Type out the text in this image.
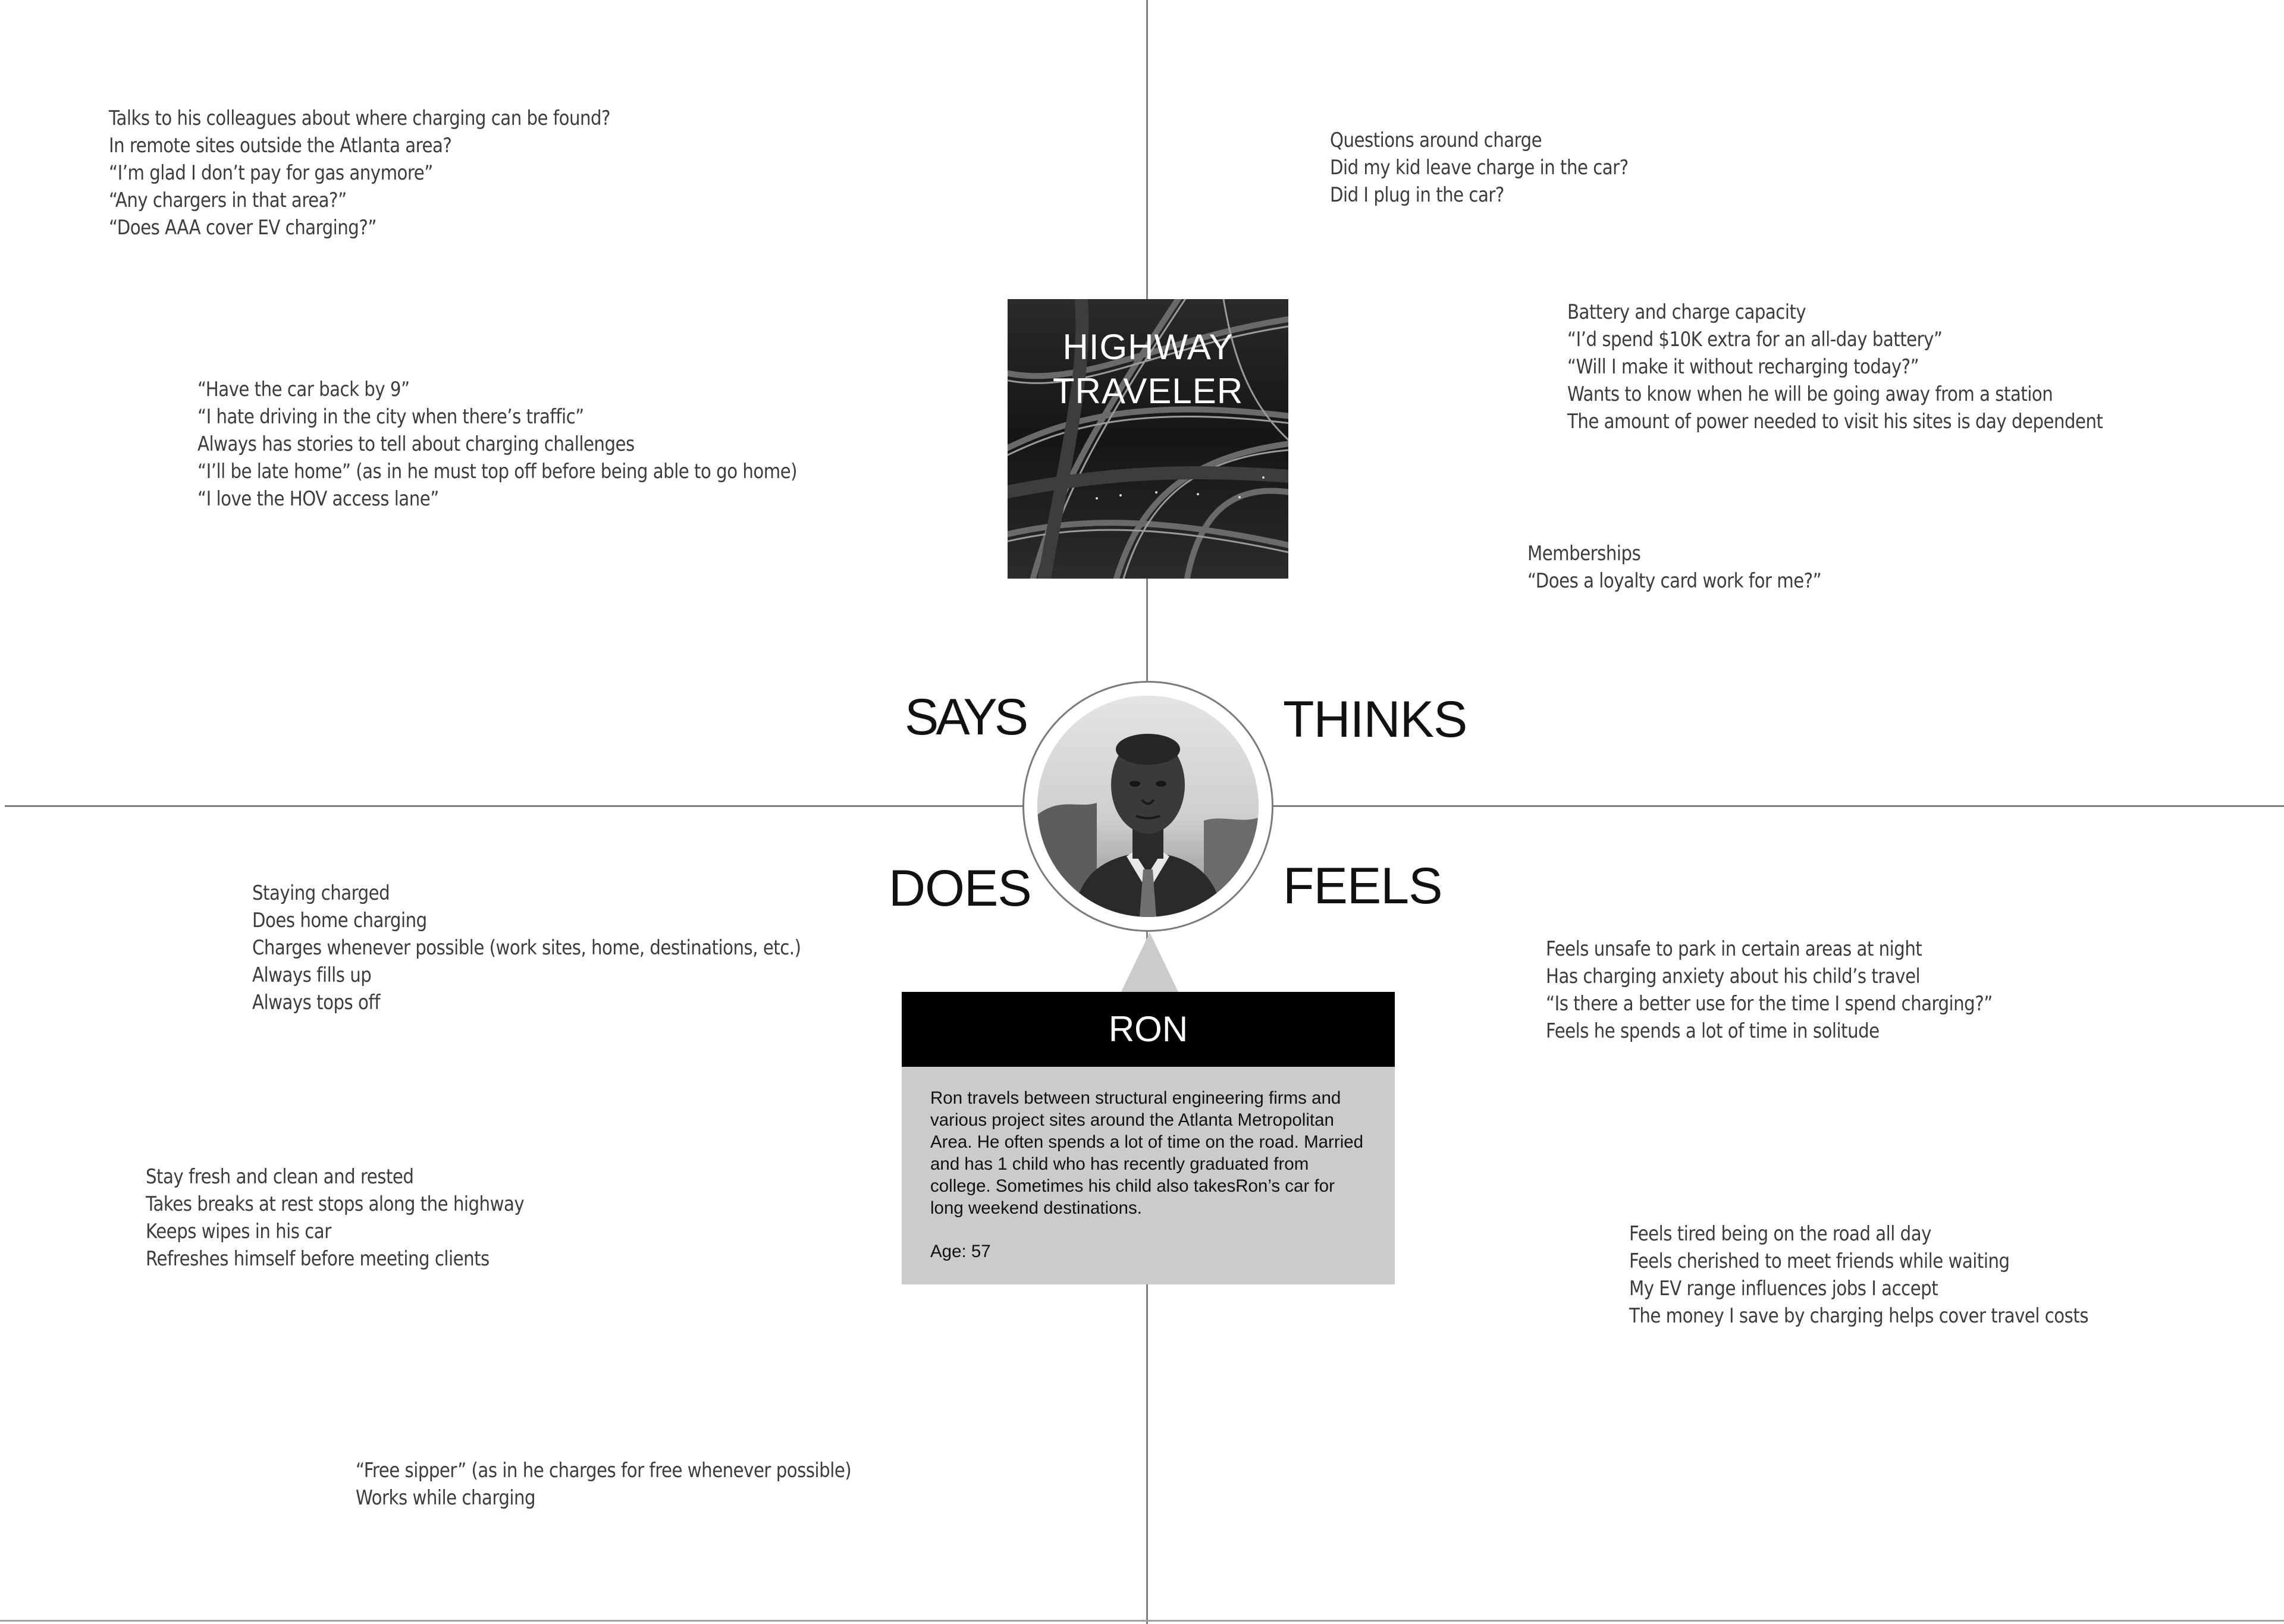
Talks to his colleagues about where charging can be found?
In remote sites outside the Atlanta area?
“I’m glad I don’t pay for gas anymore”
“Any chargers in that area?”
“Does AAA cover EV charging?”
“Have the car back by 9”
“I hate driving in the city when there’s traffic”
Always has stories to tell about charging challenges
“I’ll be late home” (as in he must top off before being able to go home)
“I love the HOV access lane”
Questions around charge
Did my kid leave charge in the car?
Did I plug in the car?
Battery and charge capacity
“I’d spend $10K extra for an all-day battery”
“Will I make it without recharging today?”
Wants to know when he will be going away from a station
The amount of power needed to visit his sites is day dependent
Memberships
“Does a loyalty card work for me?”
Staying charged
Does home charging
Charges whenever possible (work sites, home, destinations, etc.)
Always fills up
Always tops off
Stay fresh and clean and rested
Takes breaks at rest stops along the highway
Keeps wipes in his car
Refreshes himself before meeting clients
“Free sipper” (as in he charges for free whenever possible)
Works while charging
Feels unsafe to park in certain areas at night
Has charging anxiety about his child’s travel
“Is there a better use for the time I spend charging?”
Feels he spends a lot of time in solitude
Feels tired being on the road all day
Feels cherished to meet friends while waiting
My EV range influences jobs I accept
The money I save by charging helps cover travel costs
SAYS	THINKS
DOES	FEELS
HIGHWAY TRAVELER
RON
Ron travels between structural engineering firms and various project sites around the Atlanta Metropolitan Area. He often spends a lot of time on the road. Married and has 1 child who has recently graduated from college. Sometimes his child also takesRon’s car for long weekend destinations.
Age: 57
